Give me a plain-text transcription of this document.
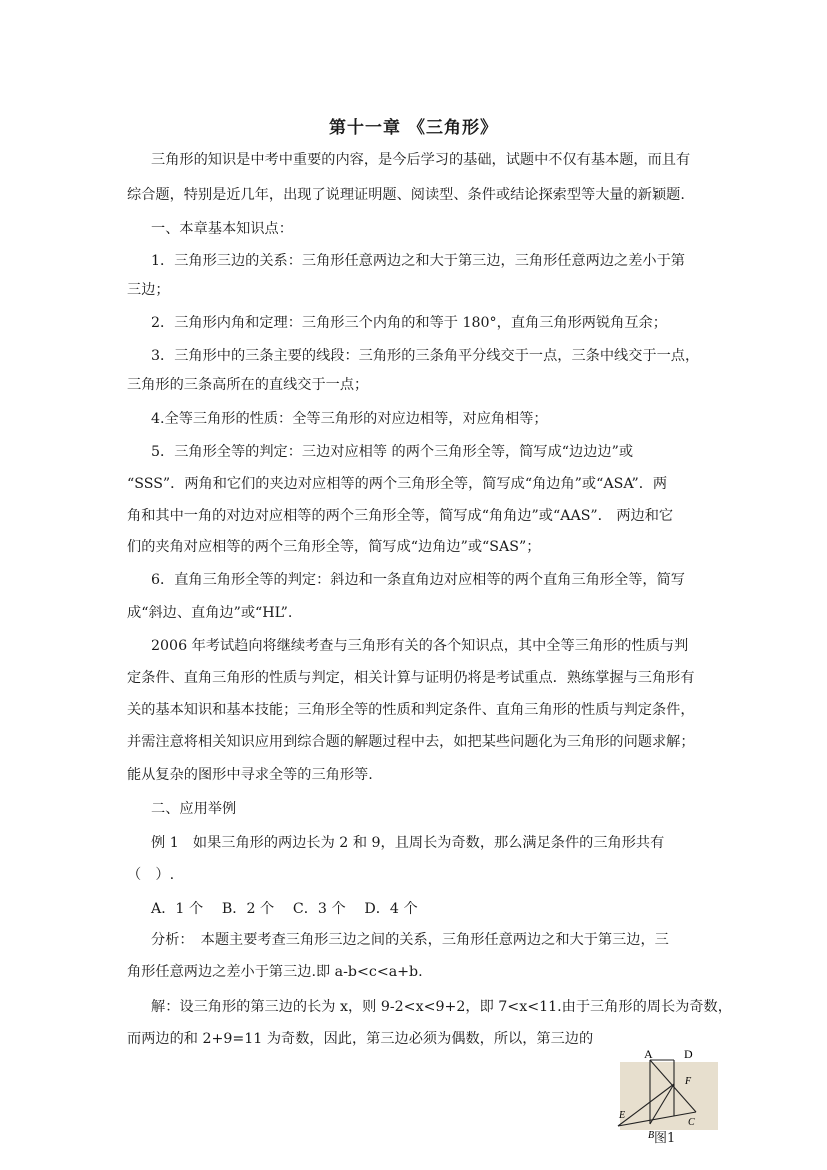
第十一章 《三角形》
三角形的知识是中考中重要的内容，是今后学习的基础，试题中不仅有基本题，而且有
综合题，特别是近几年，出现了说理证明题、阅读型、条件或结论探索型等大量的新颖题.
一、本章基本知识点：
1．三角形三边的关系：三角形任意两边之和大于第三边，三角形任意两边之差小于第
三边；
2．三角形内角和定理：三角形三个内角的和等于 180°，直角三角形两锐角互余；
3．三角形中的三条主要的线段：三角形的三条角平分线交于一点，三条中线交于一点，
三角形的三条高所在的直线交于一点；
4.全等三角形的性质：全等三角形的对应边相等，对应角相等；
5．三角形全等的判定：三边对应相等 的两个三角形全等，简写成“边边边”或
“SSS”．两角和它们的夹边对应相等的两个三角形全等，简写成“角边角”或“ASA”．两
角和其中一角的对边对应相等的两个三角形全等，简写成“角角边”或“AAS”． 两边和它
们的夹角对应相等的两个三角形全等，简写成“边角边”或“SAS”；
6．直角三角形全等的判定：斜边和一条直角边对应相等的两个直角三角形全等，简写
成“斜边、直角边”或“HL”.
2006 年考试趋向将继续考查与三角形有关的各个知识点，其中全等三角形的性质与判
定条件、直角三角形的性质与判定，相关计算与证明仍将是考试重点．熟练掌握与三角形有
关的基本知识和基本技能；三角形全等的性质和判定条件、直角三角形的性质与判定条件，
并需注意将相关知识应用到综合题的解题过程中去，如把某些问题化为三角形的问题求解；
能从复杂的图形中寻求全等的三角形等.
二、应用举例
例 1　如果三角形的两边长为 2 和 9，且周长为奇数，那么满足条件的三角形共有
（　）.
A．1 个　 B．2 个　 C．3 个　 D．4 个
分析：　本题主要考查三角形三边之间的关系，三角形任意两边之和大于第三边，三
角形任意两边之差小于第三边.即 a-b<c<a+b.
解：设三角形的第三边的长为 x，则 9-2<x<9+2，即 7<x<11.由于三角形的周长为奇数，
而两边的和 2+9=11 为奇数，因此，第三边必须为偶数，所以，第三边的
A	D
F
E
B
C
图1
